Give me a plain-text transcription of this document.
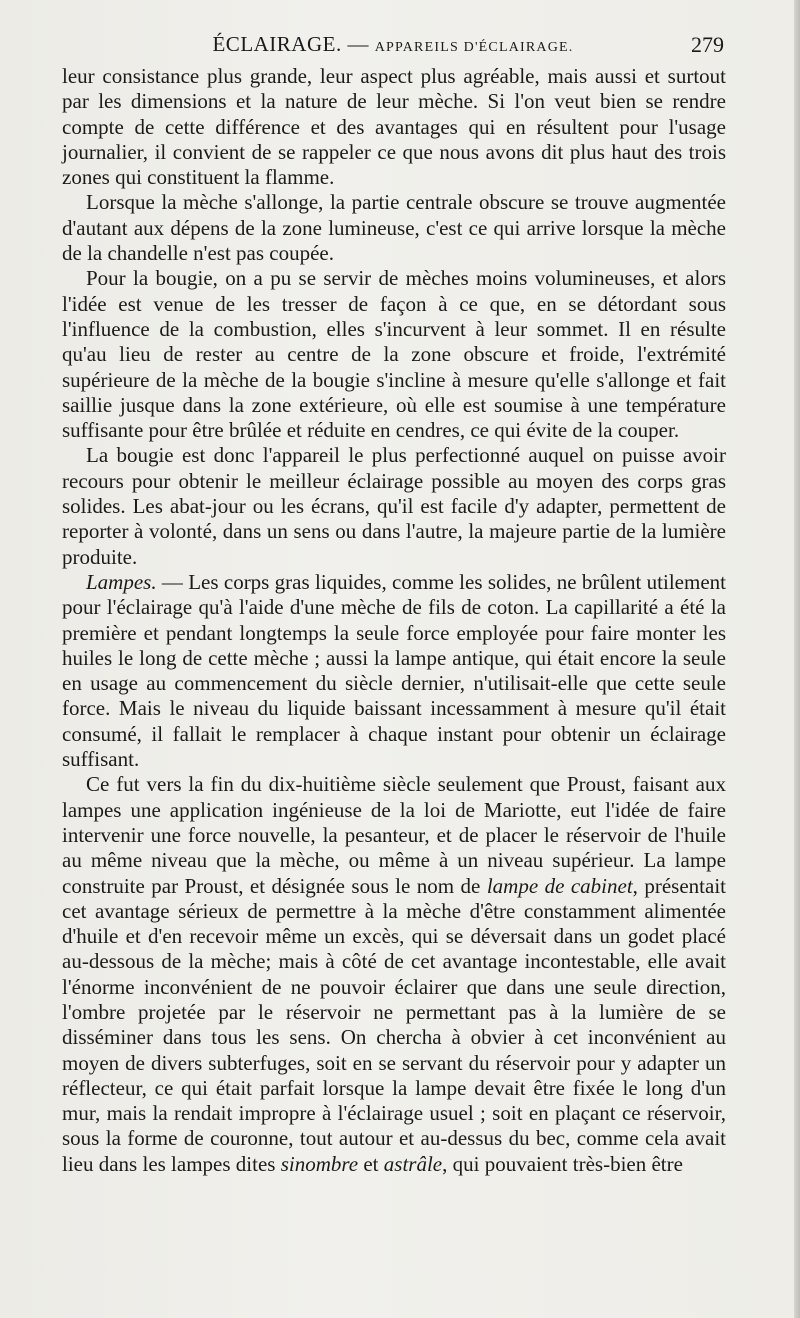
ÉCLAIRAGE. — APPAREILS D'ÉCLAIRAGE.	279

leur consistance plus grande, leur aspect plus agréable, mais aussi et surtout par les dimensions et la nature de leur mèche. Si l'on veut bien se rendre compte de cette différence et des avantages qui en résultent pour l'usage journalier, il convient de se rappeler ce que nous avons dit plus haut des trois zones qui constituent la flamme.

Lorsque la mèche s'allonge, la partie centrale obscure se trouve augmentée d'autant aux dépens de la zone lumineuse, c'est ce qui arrive lorsque la mèche de la chandelle n'est pas coupée.

Pour la bougie, on a pu se servir de mèches moins volumineuses, et alors l'idée est venue de les tresser de façon à ce que, en se détordant sous l'influence de la combustion, elles s'incurvent à leur sommet. Il en résulte qu'au lieu de rester au centre de la zone obscure et froide, l'extrémité supérieure de la mèche de la bougie s'incline à mesure qu'elle s'allonge et fait saillie jusque dans la zone extérieure, où elle est soumise à une température suffisante pour être brûlée et réduite en cendres, ce qui évite de la couper.

La bougie est donc l'appareil le plus perfectionné auquel on puisse avoir recours pour obtenir le meilleur éclairage possible au moyen des corps gras solides. Les abat-jour ou les écrans, qu'il est facile d'y adapter, permettent de reporter à volonté, dans un sens ou dans l'autre, la majeure partie de la lumière produite.

Lampes. — Les corps gras liquides, comme les solides, ne brûlent utilement pour l'éclairage qu'à l'aide d'une mèche de fils de coton. La capillarité a été la première et pendant longtemps la seule force employée pour faire monter les huiles le long de cette mèche ; aussi la lampe antique, qui était encore la seule en usage au commencement du siècle dernier, n'utilisait-elle que cette seule force. Mais le niveau du liquide baissant incessamment à mesure qu'il était consumé, il fallait le remplacer à chaque instant pour obtenir un éclairage suffisant.

Ce fut vers la fin du dix-huitième siècle seulement que Proust, faisant aux lampes une application ingénieuse de la loi de Mariotte, eut l'idée de faire intervenir une force nouvelle, la pesanteur, et de placer le réservoir de l'huile au même niveau que la mèche, ou même à un niveau supérieur. La lampe construite par Proust, et désignée sous le nom de lampe de cabinet, présentait cet avantage sérieux de permettre à la mèche d'être constamment alimentée d'huile et d'en recevoir même un excès, qui se déversait dans un godet placé au-dessous de la mèche; mais à côté de cet avantage incontestable, elle avait l'énorme inconvénient de ne pouvoir éclairer que dans une seule direction, l'ombre projetée par le réservoir ne permettant pas à la lumière de se disséminer dans tous les sens. On chercha à obvier à cet inconvénient au moyen de divers subterfuges, soit en se servant du réservoir pour y adapter un réflecteur, ce qui était parfait lorsque la lampe devait être fixée le long d'un mur, mais la rendait impropre à l'éclairage usuel ; soit en plaçant ce réservoir, sous la forme de couronne, tout autour et au-dessus du bec, comme cela avait lieu dans les lampes dites sinombre et astrâle, qui pouvaient très-bien être
